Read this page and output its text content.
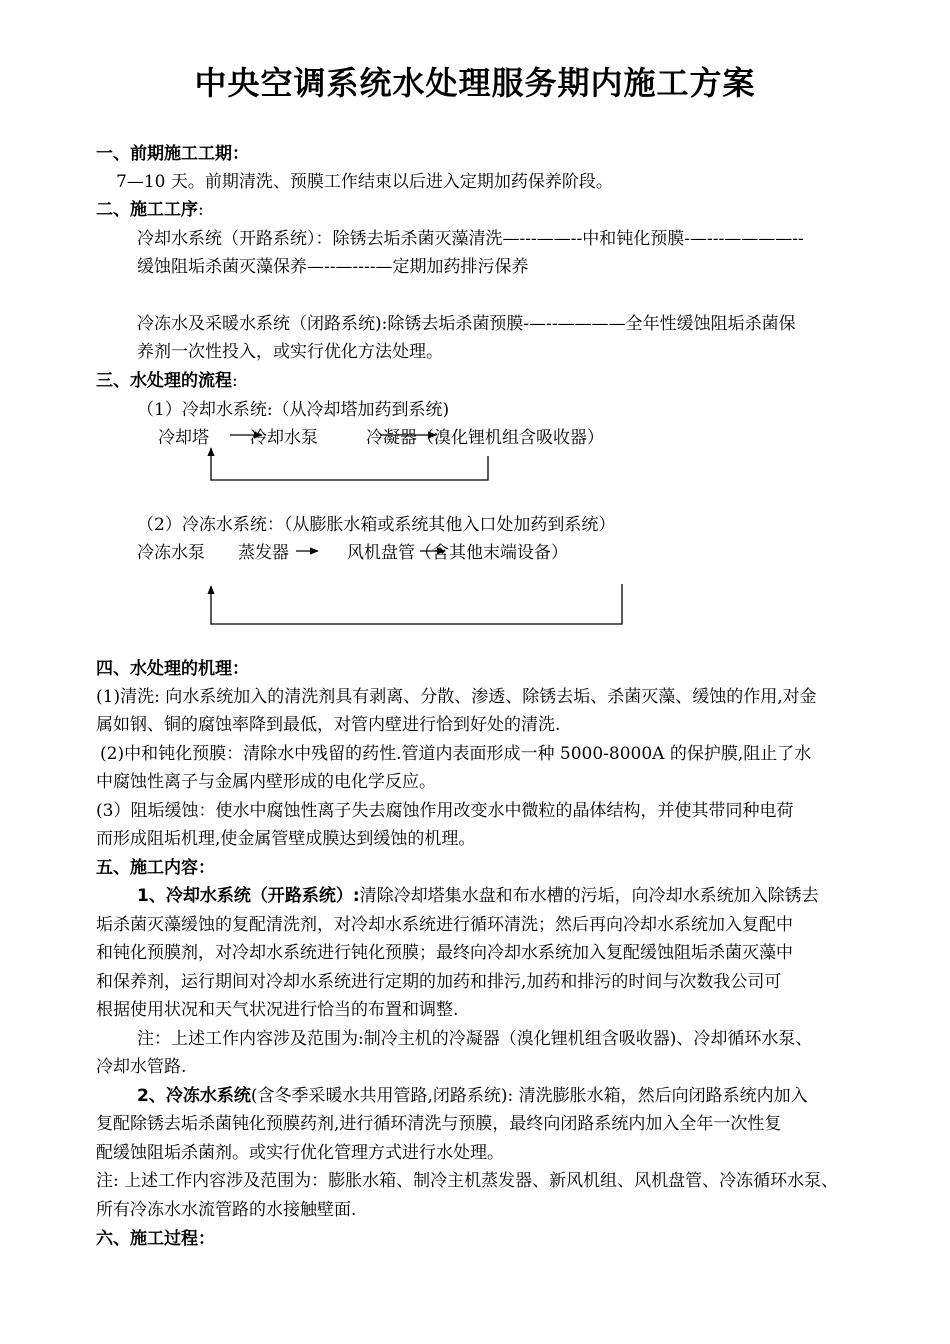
中央空调系统水处理服务期内施工方案
一、前期施工工期：
7—10 天。前期清洗、预膜工作结束以后进入定期加药保养阶段。
二、施工工序:
冷却水系统（开路系统）：除锈去垢杀菌灭藻清洗—---——--中和钝化预膜-—---————--
缓蚀阻垢杀菌灭藻保养—--—----—定期加药排污保养
冷冻水及采暖水系统（闭路系统):除锈去垢杀菌预膜-—--————全年性缓蚀阻垢杀菌保
养剂一次性投入，或实行优化方法处理。
三、水处理的流程:
（1）冷却水系统:（从冷却塔加药到系统)
冷却塔 冷却水泵	冷凝器（溴化锂机组含吸收器）
（2）冷冻水系统：（从膨胀水箱或系统其他入口处加药到系统）
冷冻水泵 蒸发器	风机盘管（含其他末端设备）
四、水处理的机理：
(1)清洗: 向水系统加入的清洗剂具有剥离、分散、渗透、除锈去垢、杀菌灭藻、缓蚀的作用,对金
属如钢、铜的腐蚀率降到最低，对管内壁进行恰到好处的清洗.
(2)中和钝化预膜：清除水中残留的药性.管道内表面形成一种 5000-8000A 的保护膜,阻止了水
中腐蚀性离子与金属内壁形成的电化学反应。
(3）阻垢缓蚀：使水中腐蚀性离子失去腐蚀作用改变水中微粒的晶体结构，并使其带同种电荷
而形成阻垢机理,使金属管壁成膜达到缓蚀的机理。
五、施工内容：
1、冷却水系统（开路系统）:清除冷却塔集水盘和布水槽的污垢，向冷却水系统加入除锈去
垢杀菌灭藻缓蚀的复配清洗剂，对冷却水系统进行循环清洗；然后再向冷却水系统加入复配中
和钝化预膜剂，对冷却水系统进行钝化预膜；最终向冷却水系统加入复配缓蚀阻垢杀菌灭藻中
和保养剂，运行期间对冷却水系统进行定期的加药和排污,加药和排污的时间与次数我公司可
根据使用状况和天气状况进行恰当的布置和调整.
注：上述工作内容涉及范围为:制冷主机的冷凝器（溴化锂机组含吸收器)、冷却循环水泵、
冷却水管路.
2、冷冻水系统(含冬季采暖水共用管路,闭路系统): 清洗膨胀水箱，然后向闭路系统内加入
复配除锈去垢杀菌钝化预膜药剂,进行循环清洗与预膜，最终向闭路系统内加入全年一次性复
配缓蚀阻垢杀菌剂。或实行优化管理方式进行水处理。
注: 上述工作内容涉及范围为：膨胀水箱、制冷主机蒸发器、新风机组、风机盘管、冷冻循环水泵、
所有冷冻水水流管路的水接触壁面.
六、施工过程：
